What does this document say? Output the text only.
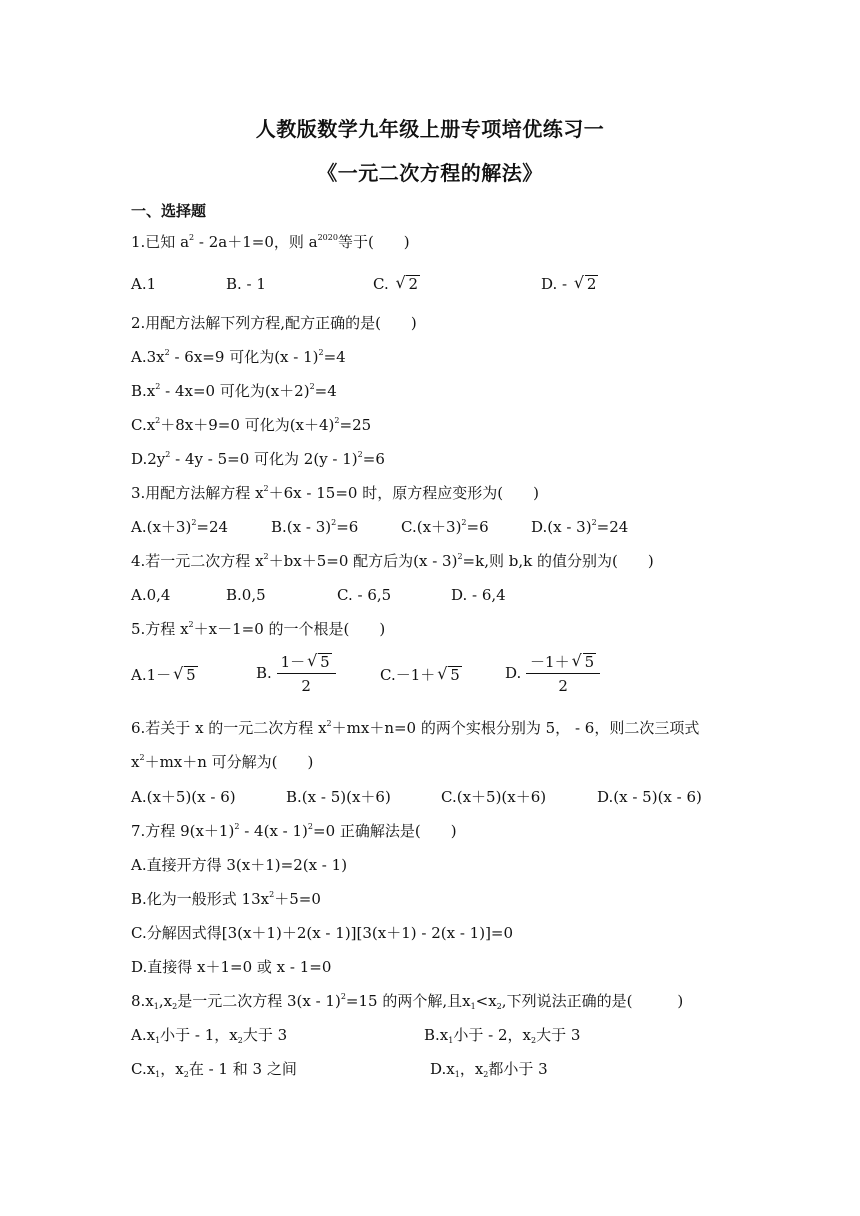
人教版数学九年级上册专项培优练习一
《一元二次方程的解法》
一、选择题
1.已知 $a^2 - 2a+1=0$，则 $a^{2020}$等于(　　)
A.1	B. - 1	C. √ 2	D. - √ 2
2.用配方法解下列方程,配方正确的是(　　)
$A.3x^2 - 6x=9$ 可化为(x - 1)$^2$=4
$B.x^2 - 4x=0$ 可化为$(x+2)^2=4$
$C.x^2+8x+9=0$ 可化为$(x+4)^2=25$
$D.2y^2 - 4y - 5=0$ 可化为 2(y - 1)$^2$=6
3.用配方法解方程 $x^2+6x - 15=0$ 时，原方程应变形为(　　)
$A.(x+3)^2=24$	B.(x - 3)$^2$=6	$C.(x+3)^2=6$	D.(x - 3)$^2$=24
4.若一元二次方程 $x^2+bx+5=0$ 配方后为(x - 3)$^2$=k,则 b,k 的值分别为(　　)
A.0,4	B.0,5	C. - 6,5	D. - 6,4
5.方程 $x^2+x-1=0$ 的一个根是(　　)
A.1－ √ 5	B. $\frac{1- √ 5}{2}$	C.－1＋ √ 5	D. $\frac{-1+ √ 5}{2}$
6.若关于 x 的一元二次方程 $x^2+mx+n=0$ 的两个实根分别为 5， - 6，则二次三项式
$x^2+mx+n$ 可分解为(　　)
A.(x＋5)(x - 6)	B.(x - 5)(x＋6)	C.(x＋5)(x＋6)	D.(x - 5)(x - 6)
7.方程 $9(x+1)^2 - 4(x - 1)^2=0$ 正确解法是(　　)
A.直接开方得 3(x＋1)=2(x - 1)
B.化为一般形式 $13x^2+5=0$
C.分解因式得[3(x＋1)＋2(x - 1)][3(x＋1) - 2(x - 1)]=0
D.直接得 x＋1=0 或 x - 1=0
$8.x_1,x_2$是一元二次方程 3(x - 1)$^2$=15 的两个解,且$x_1<x_2$,下列说法正确的是(　　　)
$A.x_1$小于 - 1，$x_2$大于 3	$B.x_1$小于 - 2，$x_2$大于 3
$C.x_1$，$x_2$在 - 1 和 3 之间	$D.x_1$，$x_2$都小于 3
